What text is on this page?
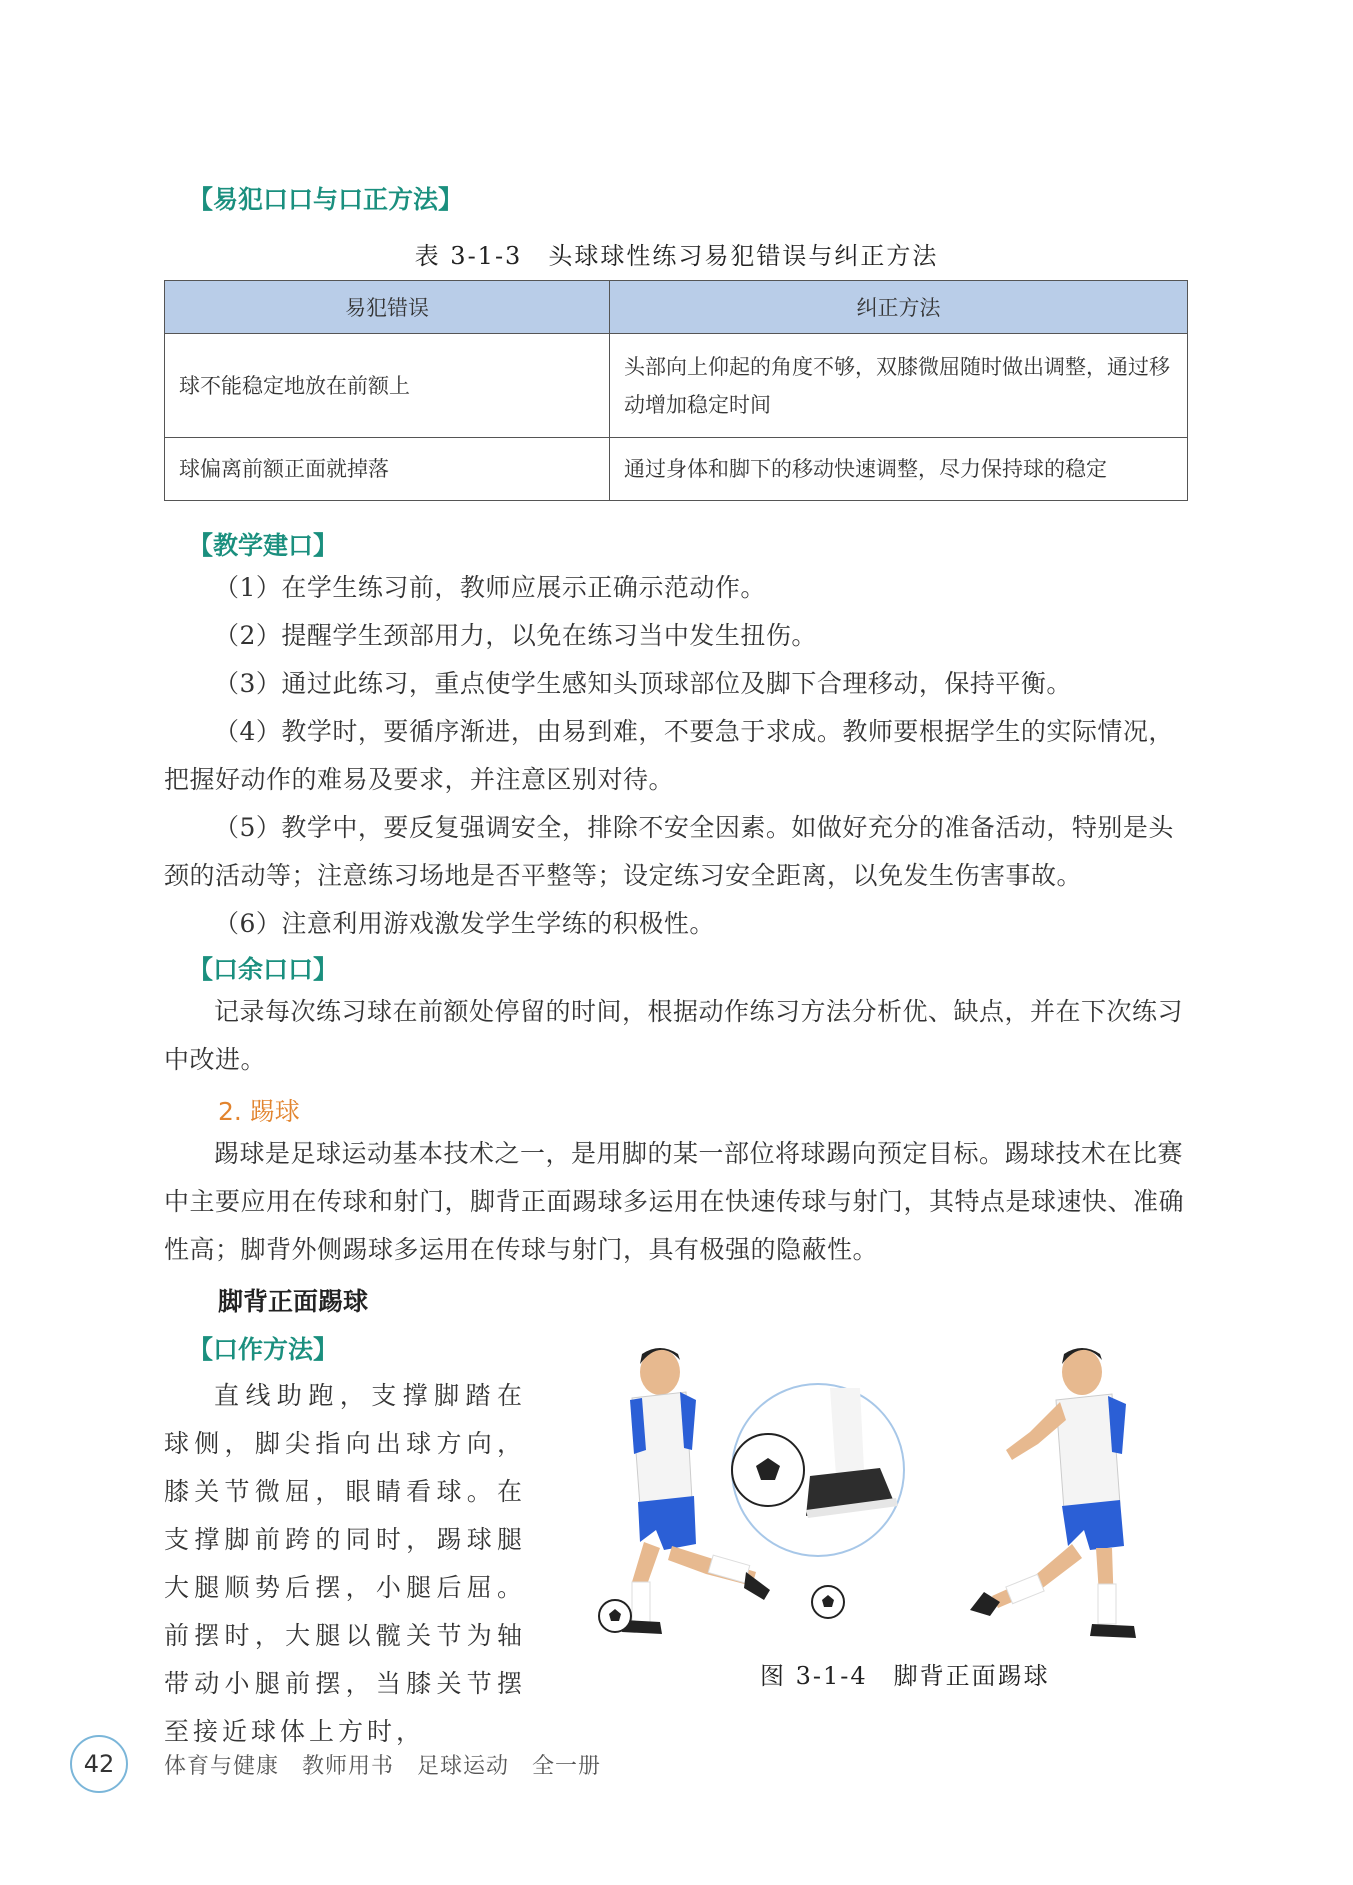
【易犯口口与口正方法】
表 3-1-3　头球球性练习易犯错误与纠正方法
易犯错误	纠正方法
球不能稳定地放在前额上	头部向上仰起的角度不够，双膝微屈随时做出调整，通过移动增加稳定时间
球偏离前额正面就掉落	通过身体和脚下的移动快速调整，尽力保持球的稳定
【教学建口】

（1）在学生练习前，教师应展示正确示范动作。

（2）提醒学生颈部用力，以免在练习当中发生扭伤。

（3）通过此练习，重点使学生感知头顶球部位及脚下合理移动，保持平衡。

（4）教学时，要循序渐进，由易到难，不要急于求成。教师要根据学生的实际情况，把握好动作的难易及要求，并注意区别对待。

（5）教学中，要反复强调安全，排除不安全因素。如做好充分的准备活动，特别是头颈的活动等；注意练习场地是否平整等；设定练习安全距离，以免发生伤害事故。

（6）注意利用游戏激发学生学练的积极性。

【口余口口】

记录每次练习球在前额处停留的时间，根据动作练习方法分析优、缺点，并在下次练习中改进。

2. 踢球

踢球是足球运动基本技术之一，是用脚的某一部位将球踢向预定目标。踢球技术在比赛中主要应用在传球和射门，脚背正面踢球多运用在快速传球与射门，其特点是球速快、准确性高；脚背外侧踢球多运用在传球与射门，具有极强的隐蔽性。

脚背正面踢球
【口作方法】

直线助跑，支撑脚踏在球侧，脚尖指向出球方向，膝关节微屈，眼睛看球。在支撑脚前跨的同时，踢球腿大腿顺势后摆，小腿后屈。前摆时，大腿以髋关节为轴带动小腿前摆，当膝关节摆至接近球体上方时，

图 3-1-4　脚背正面踢球
42	体育与健康　教师用书　足球运动　全一册
